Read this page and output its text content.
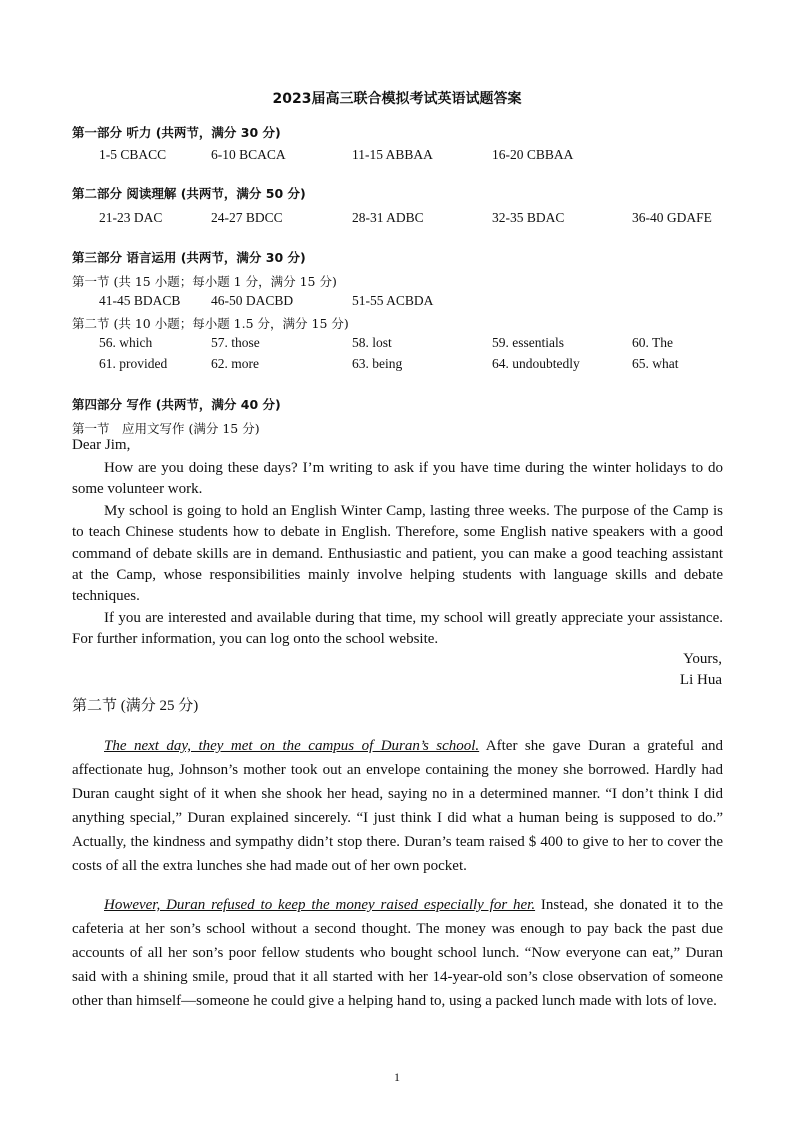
2023届高三联合模拟考试英语试题答案
第一部分 听力 (共两节，满分 30 分)
1-5 CBACC	6-10 BCACA	11-15 ABBAA	16-20 CBBAA
第二部分 阅读理解 (共两节，满分 50 分)
21-23 DAC	24-27 BDCC	28-31 ADBC	32-35 BDAC	36-40 GDAFE
第三部分 语言运用 (共两节，满分 30 分)
第一节 (共 15 小题；每小题 1 分，满分 15 分)
41-45 BDACB 46-50 DACBD	51-55 ACBDA
第二节 (共 10 小题；每小题 1.5 分，满分 15 分)
56. which	57. those	58. lost	59. essentials	60. The
61. provided	62. more	63. being	64. undoubtedly	65. what
第四部分 写作 (共两节，满分 40 分)
第一节　应用文写作 (满分 15 分)
Dear Jim,
How are you doing these days? I’m writing to ask if you have time during the winter holidays to do some volunteer work.
My school is going to hold an English Winter Camp, lasting three weeks. The purpose of the Camp is to teach Chinese students how to debate in English. Therefore, some English native speakers with a good command of debate skills are in demand. Enthusiastic and patient, you can make a good teaching assistant at the Camp, whose responsibilities mainly involve helping students with language skills and debate techniques.
If you are interested and available during that time, my school will greatly appreciate your assistance. For further information, you can log onto the school website.
Yours,
Li Hua
第二节 (满分 25 分)
The next day, they met on the campus of Duran’s school. After she gave Duran a grateful and affectionate hug, Johnson’s mother took out an envelope containing the money she borrowed. Hardly had Duran caught sight of it when she shook her head, saying no in a determined manner. “I don’t think I did anything special,” Duran explained sincerely. “I just think I did what a human being is supposed to do.” Actually, the kindness and sympathy didn’t stop there. Duran’s team raised $ 400 to give to her to cover the costs of all the extra lunches she had made out of her own pocket.
However, Duran refused to keep the money raised especially for her. Instead, she donated it to the cafeteria at her son’s school without a second thought. The money was enough to pay back the past due accounts of all her son’s poor fellow students who bought school lunch. “Now everyone can eat,” Duran said with a shining smile, proud that it all started with her 14-year-old son’s close observation of someone other than himself—someone he could give a helping hand to, using a packed lunch made with lots of love.
1
